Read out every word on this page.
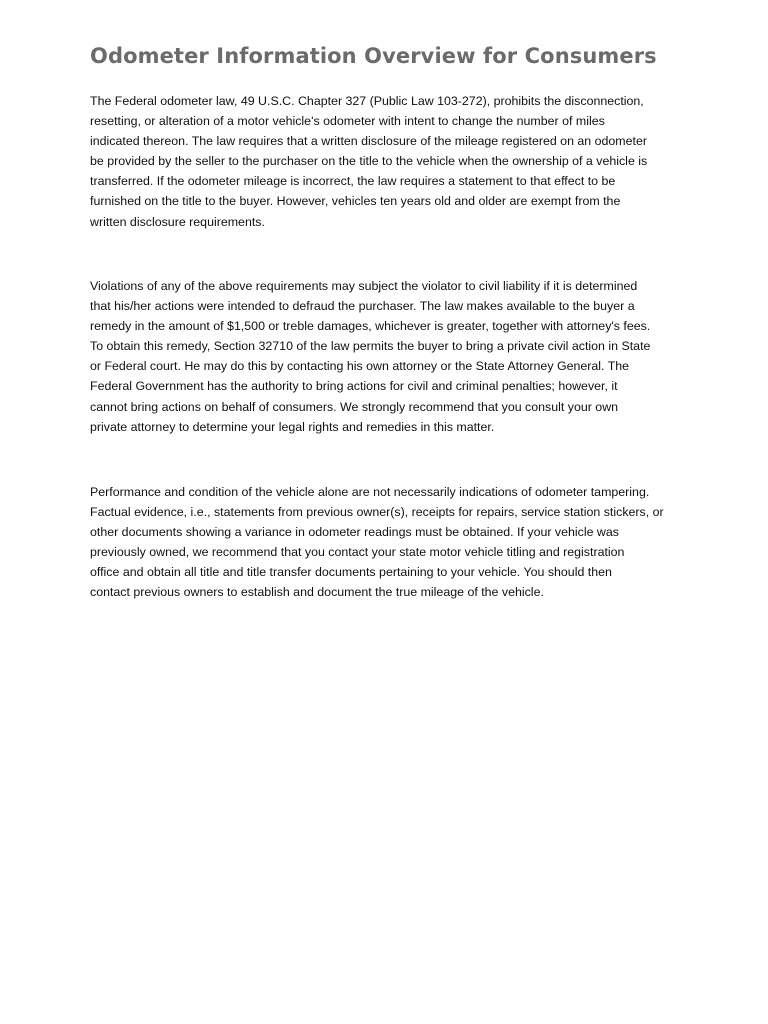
Odometer Information Overview for Consumers

The Federal odometer law, 49 U.S.C. Chapter 327 (Public Law 103-272), prohibits the disconnection,
resetting, or alteration of a motor vehicle's odometer with intent to change the number of miles
indicated thereon. The law requires that a written disclosure of the mileage registered on an odometer
be provided by the seller to the purchaser on the title to the vehicle when the ownership of a vehicle is
transferred. If the odometer mileage is incorrect, the law requires a statement to that effect to be
furnished on the title to the buyer. However, vehicles ten years old and older are exempt from the
written disclosure requirements.

Violations of any of the above requirements may subject the violator to civil liability if it is determined
that his/her actions were intended to defraud the purchaser. The law makes available to the buyer a
remedy in the amount of $1,500 or treble damages, whichever is greater, together with attorney's fees.
To obtain this remedy, Section 32710 of the law permits the buyer to bring a private civil action in State
or Federal court. He may do this by contacting his own attorney or the State Attorney General. The
Federal Government has the authority to bring actions for civil and criminal penalties; however, it
cannot bring actions on behalf of consumers. We strongly recommend that you consult your own
private attorney to determine your legal rights and remedies in this matter.

Performance and condition of the vehicle alone are not necessarily indications of odometer tampering.
Factual evidence, i.e., statements from previous owner(s), receipts for repairs, service station stickers, or
other documents showing a variance in odometer readings must be obtained. If your vehicle was
previously owned, we recommend that you contact your state motor vehicle titling and registration
office and obtain all title and title transfer documents pertaining to your vehicle. You should then
contact previous owners to establish and document the true mileage of the vehicle.
